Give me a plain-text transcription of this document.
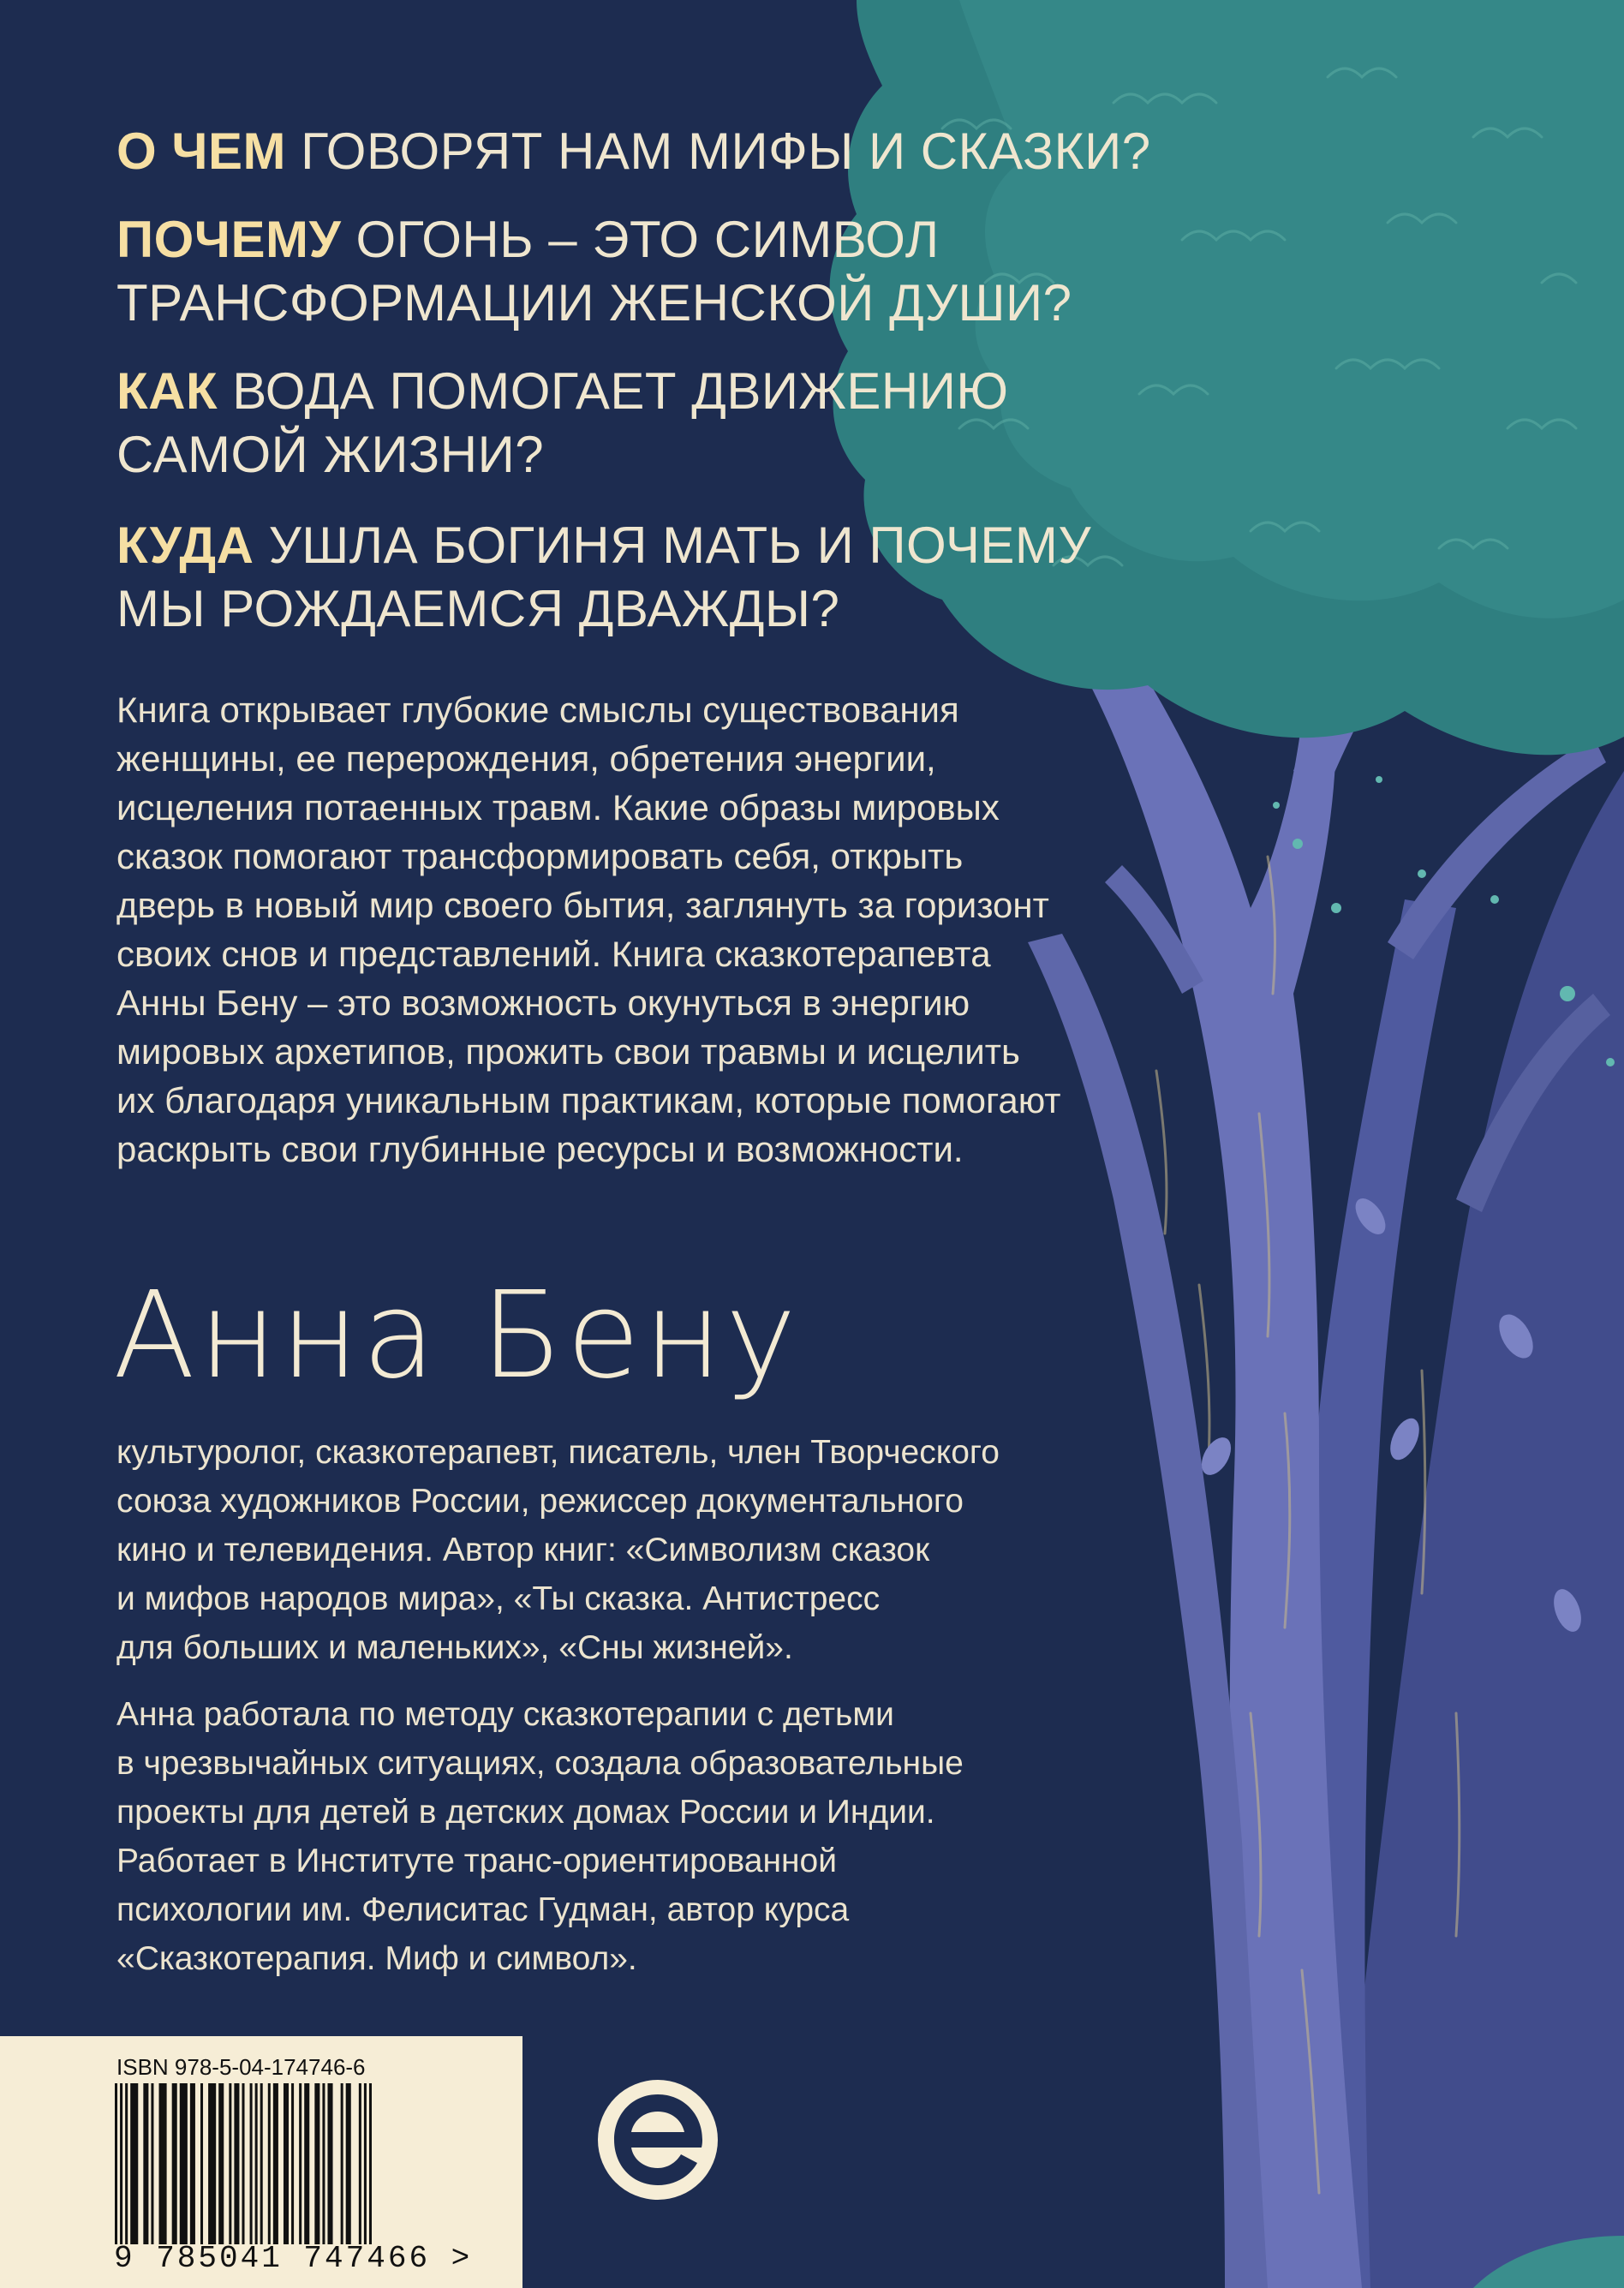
О ЧЕМ ГОВОРЯТ НАМ МИФЫ И СКАЗКИ?

ПОЧЕМУ ОГОНЬ – ЭТО СИМВОЛ
ТРАНСФОРМАЦИИ ЖЕНСКОЙ ДУШИ?

КАК ВОДА ПОМОГАЕТ ДВИЖЕНИЮ
САМОЙ ЖИЗНИ?

КУДА УШЛА БОГИНЯ МАТЬ И ПОЧЕМУ
МЫ РОЖДАЕМСЯ ДВАЖДЫ?

Книга открывает глубокие смыслы существования
женщины, ее перерождения, обретения энергии,
исцеления потаенных травм. Какие образы мировых
сказок помогают трансформировать себя, открыть
дверь в новый мир своего бытия, заглянуть за горизонт
своих снов и представлений. Книга сказкотерапевта
Анны Бену – это возможность окунуться в энергию
мировых архетипов, прожить свои травмы и исцелить
их благодаря уникальным практикам, которые помогают
раскрыть свои глубинные ресурсы и возможности.

Анна Бену

культуролог, сказкотерапевт, писатель, член Творческого
союза художников России, режиссер документального
кино и телевидения. Автор книг: «Символизм сказок
и мифов народов мира», «Ты сказка. Антистресс
для больших и маленьких», «Сны жизней».

Анна работала по методу сказкотерапии с детьми
в чрезвычайных ситуациях, создала образовательные
проекты для детей в детских домах России и Индии.
Работает в Институте транс-ориентированной
психологии им. Фелиситас Гудман, автор курса
«Сказкотерапия. Миф и символ».

ISBN 978-5-04-174746-6

9 785041 747466 >
